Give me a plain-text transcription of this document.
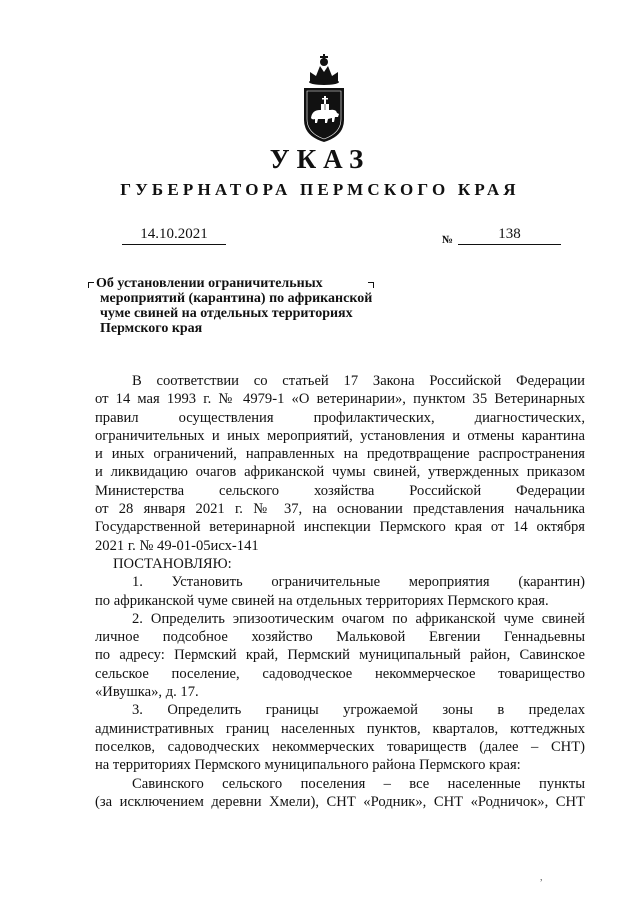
УКАЗ
ГУБЕРНАТОРА ПЕРМСКОГО КРАЯ
14.10.2021	№	138
Об установлении ограничительных
мероприятий (карантина) по африканской
чуме свиней на отдельных территориях
Пермского края
В соответствии со статьей 17 Закона Российской Федерации
от 14 мая 1993 г. № 4979-1 «О ветеринарии», пунктом 35 Ветеринарных
правил осуществления профилактических, диагностических,
ограничительных и иных мероприятий, установления и отмены карантина
и иных ограничений, направленных на предотвращение распространения
и ликвидацию очагов африканской чумы свиней, утвержденных приказом
Министерства сельского хозяйства Российской Федерации
от 28 января 2021 г. № 37, на основании представления начальника
Государственной ветеринарной инспекции Пермского края от 14 октября
2021 г. № 49-01-05исх-141
ПОСТАНОВЛЯЮ:
1. Установить ограничительные мероприятия (карантин)
по африканской чуме свиней на отдельных территориях Пермского края.
2. Определить эпизоотическим очагом по африканской чуме свиней
личное подсобное хозяйство Мальковой Евгении Геннадьевны
по адресу: Пермский край, Пермский муниципальный район, Савинское
сельское поселение, садоводческое некоммерческое товарищество
«Ивушка», д. 17.
3. Определить границы угрожаемой зоны в пределах
административных границ населенных пунктов, кварталов, коттеджных
поселков, садоводческих некоммерческих товариществ (далее – СНТ)
на территориях Пермского муниципального района Пермского края:
Савинского сельского поселения – все населенные пункты
(за исключением деревни Хмели), СНТ «Родник», СНТ «Родничок», СНТ
,
